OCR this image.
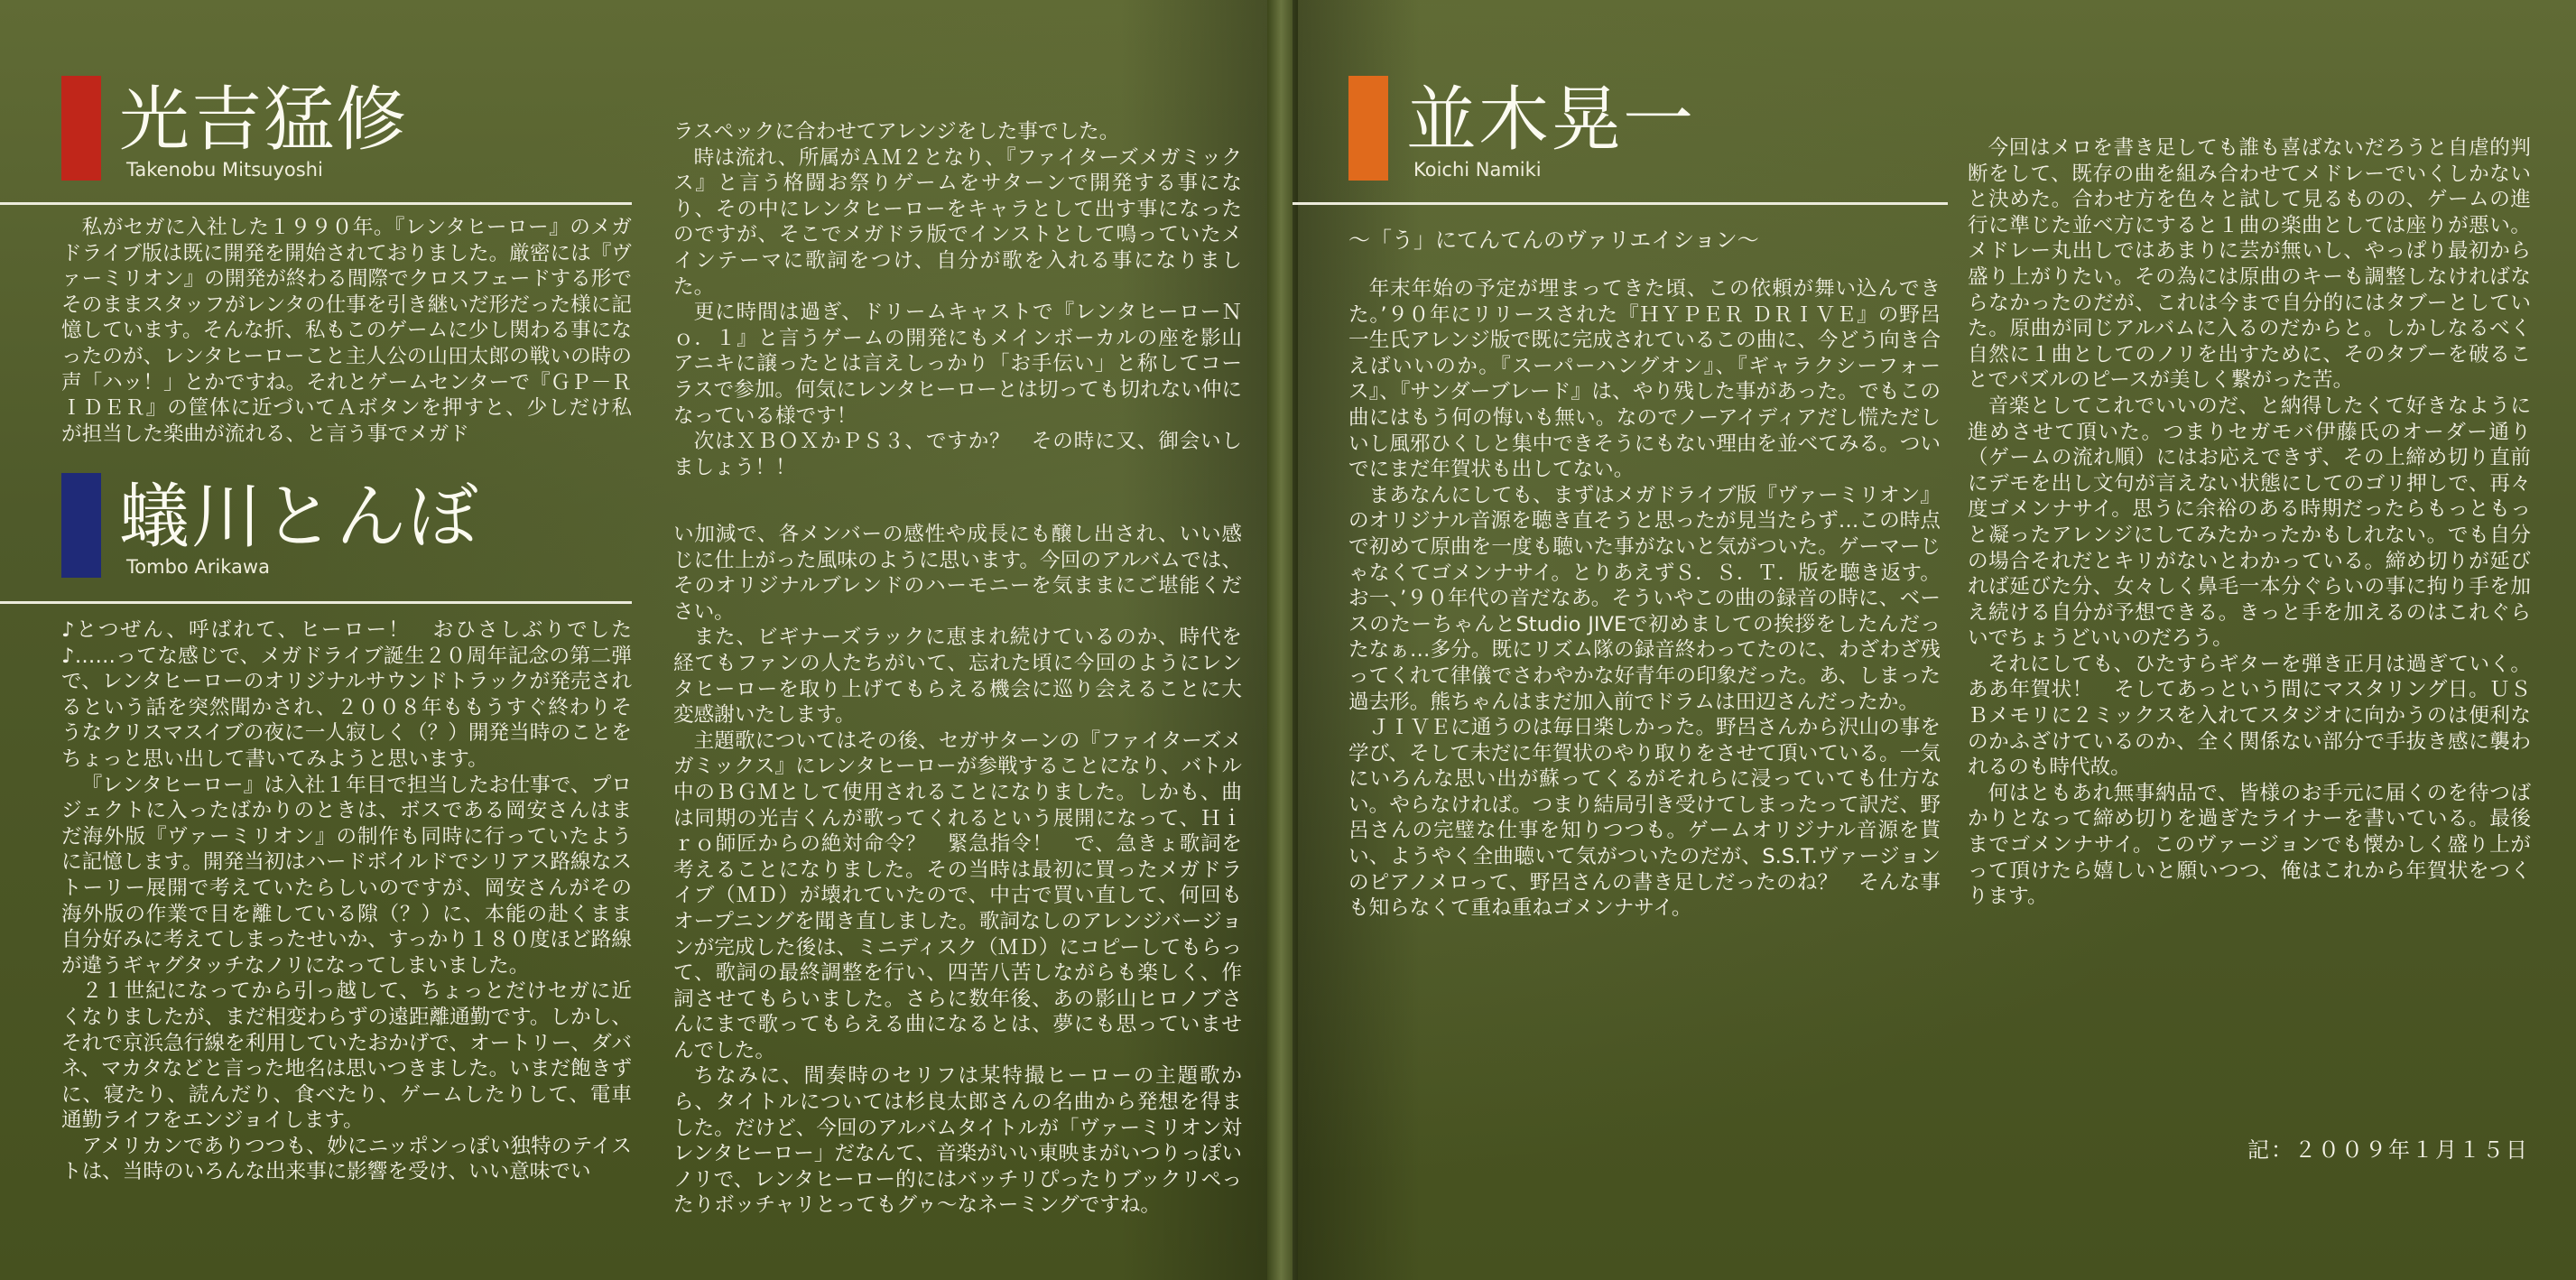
光吉猛修
Takenobu Mitsuyoshi

私がセガに入社した１９９０年。『レンタヒーロー』のメガドライブ版は既に開発を開始されておりました。厳密には『ヴァーミリオン』の開発が終わる間際でクロスフェードする形でそのままスタッフがレンタの仕事を引き継いだ形だった様に記憶しています。そんな折、私もこのゲームに少し関わる事になったのが、レンタヒーローこと主人公の山田太郎の戦いの時の声「ハッ！」とかですね。それとゲームセンターで『ＧＰ－ＲＩＤＥＲ』の筐体に近づいてＡボタンを押すと、少しだけ私が担当した楽曲が流れる、と言う事でメガド

ラスペックに合わせてアレンジをした事でした。

時は流れ、所属がＡＭ２となり、『ファイターズメガミックス』と言う格闘お祭りゲームをサターンで開発する事になり、その中にレンタヒーローをキャラとして出す事になったのですが、そこでメガドラ版でインストとして鳴っていたメインテーマに歌詞をつけ、自分が歌を入れる事になりました。

更に時間は過ぎ、ドリームキャストで『レンタヒーローＮｏ．１』と言うゲームの開発にもメインボーカルの座を影山アニキに譲ったとは言えしっかり「お手伝い」と称してコーラスで参加。何気にレンタヒーローとは切っても切れない仲になっている様です！

次はＸＢＯＸかＰＳ３、ですか？　その時に又、御会いしましょう！！

蟻川とんぼ
Tombo Arikawa

♪とつぜん、呼ばれて、ヒーロー！　おひさしぶりでした♪……ってな感じで、メガドライブ誕生２０周年記念の第二弾で、レンタヒーローのオリジナルサウンドトラックが発売されるという話を突然聞かされ、２００８年ももうすぐ終わりそうなクリスマスイブの夜に一人寂しく（？）開発当時のことをちょっと思い出して書いてみようと思います。

『レンタヒーロー』は入社１年目で担当したお仕事で、プロジェクトに入ったばかりのときは、ボスである岡安さんはまだ海外版『ヴァーミリオン』の制作も同時に行っていたように記憶します。開発当初はハードボイルドでシリアス路線なストーリー展開で考えていたらしいのですが、岡安さんがその海外版の作業で目を離している隙（？）に、本能の赴くまま自分好みに考えてしまったせいか、すっかり１８０度ほど路線が違うギャグタッチなノリになってしまいました。

２１世紀になってから引っ越して、ちょっとだけセガに近くなりましたが、まだ相変わらずの遠距離通勤です。しかし、それで京浜急行線を利用していたおかげで、オートリー、ダバネ、マカタなどと言った地名は思いつきました。いまだ飽きずに、寝たり、読んだり、食べたり、ゲームしたりして、電車通勤ライフをエンジョイします。

アメリカンでありつつも、妙にニッポンっぽい独特のテイストは、当時のいろんな出来事に影響を受け、いい意味でい

い加減で、各メンバーの感性や成長にも醸し出され、いい感じに仕上がった風味のように思います。今回のアルバムでは、そのオリジナルブレンドのハーモニーを気ままにご堪能ください。

また、ビギナーズラックに恵まれ続けているのか、時代を経てもファンの人たちがいて、忘れた頃に今回のようにレンタヒーローを取り上げてもらえる機会に巡り会えることに大変感謝いたします。

主題歌についてはその後、セガサターンの『ファイターズメガミックス』にレンタヒーローが参戦することになり、バトル中のＢＧＭとして使用されることになりました。しかも、曲は同期の光吉くんが歌ってくれるという展開になって、Ｈｉｒｏ師匠からの絶対命令？　緊急指令！　で、急きょ歌詞を考えることになりました。その当時は最初に買ったメガドライブ（ＭＤ）が壊れていたので、中古で買い直して、何回もオープニングを聞き直しました。歌詞なしのアレンジバージョンが完成した後は、ミニディスク（ＭＤ）にコピーしてもらって、歌詞の最終調整を行い、四苦八苦しながらも楽しく、作詞させてもらいました。さらに数年後、あの影山ヒロノブさんにまで歌ってもらえる曲になるとは、夢にも思っていませんでした。

ちなみに、間奏時のセリフは某特撮ヒーローの主題歌から、タイトルについては杉良太郎さんの名曲から発想を得ました。だけど、今回のアルバムタイトルが「ヴァーミリオン対レンタヒーロー」だなんて、音楽がいい東映まがいつりっぽいノリで、レンタヒーロー的にはバッチリぴったりブックリペったりボッチャリとってもグゥ〜なネーミングですね。

並木晃一
Koichi Namiki
〜「う」にてんてんのヴァリエイション〜

年末年始の予定が埋まってきた頃、この依頼が舞い込んできた。’９０年にリリースされた『ＨＹＰＥＲ ＤＲＩＶＥ』の野呂一生氏アレンジ版で既に完成されているこの曲に、今どう向き合えばいいのか。『スーパーハングオン』、『ギャラクシーフォース』、『サンダーブレード』は、やり残した事があった。でもこの曲にはもう何の悔いも無い。なのでノーアイディアだし慌ただしいし風邪ひくしと集中できそうにもない理由を並べてみる。ついでにまだ年賀状も出してない。

まあなんにしても、まずはメガドライブ版『ヴァーミリオン』のオリジナル音源を聴き直そうと思ったが見当たらず…この時点で初めて原曲を一度も聴いた事がないと気がついた。ゲーマーじゃなくてゴメンナサイ。とりあえずＳ．Ｓ．Ｔ．版を聴き返す。お一、’９０年代の音だなあ。そういやこの曲の録音の時に、ベースのたーちゃんとStudio JIVEで初めましての挨拶をしたんだったなぁ…多分。既にリズム隊の録音終わってたのに、わざわざ残ってくれて律儀でさわやかな好青年の印象だった。あ、しまった過去形。熊ちゃんはまだ加入前でドラムは田辺さんだったか。

ＪＩＶＥに通うのは毎日楽しかった。野呂さんから沢山の事を学び、そして未だに年賀状のやり取りをさせて頂いている。一気にいろんな思い出が蘇ってくるがそれらに浸っていても仕方ない。やらなければ。つまり結局引き受けてしまったって訳だ、野呂さんの完璧な仕事を知りつつも。ゲームオリジナル音源を貰い、ようやく全曲聴いて気がついたのだが、S.S.T.ヴァージョンのピアノメロって、野呂さんの書き足しだったのね？　そんな事も知らなくて重ね重ねゴメンナサイ。

今回はメロを書き足しても誰も喜ばないだろうと自虐的判断をして、既存の曲を組み合わせてメドレーでいくしかないと決めた。合わせ方を色々と試して見るものの、ゲームの進行に準じた並べ方にすると１曲の楽曲としては座りが悪い。メドレー丸出しではあまりに芸が無いし、やっぱり最初から盛り上がりたい。その為には原曲のキーも調整しなければならなかったのだが、これは今まで自分的にはタブーとしていた。原曲が同じアルバムに入るのだからと。しかしなるべく自然に１曲としてのノリを出すために、そのタブーを破ることでパズルのピースが美しく繋がった苦。

音楽としてこれでいいのだ、と納得したくて好きなように進めさせて頂いた。つまりセガモバ伊藤氏のオーダー通り（ゲームの流れ順）にはお応えできず、その上締め切り直前にデモを出し文句が言えない状態にしてのゴリ押しで、再々度ゴメンナサイ。思うに余裕のある時期だったらもっともっと凝ったアレンジにしてみたかったかもしれない。でも自分の場合それだとキリがないとわかっている。締め切りが延びれば延びた分、女々しく鼻毛一本分ぐらいの事に拘り手を加え続ける自分が予想できる。きっと手を加えるのはこれぐらいでちょうどいいのだろう。

それにしても、ひたすらギターを弾き正月は過ぎていく。ああ年賀状！　そしてあっという間にマスタリング日。ＵＳＢメモリに２ミックスを入れてスタジオに向かうのは便利なのかふざけているのか、全く関係ない部分で手抜き感に襲われるのも時代故。

何はともあれ無事納品で、皆様のお手元に届くのを待つばかりとなって締め切りを過ぎたライナーを書いている。最後までゴメンナサイ。このヴァージョンでも懐かしく盛り上がって頂けたら嬉しいと願いつつ、俺はこれから年賀状をつくります。

記：２００９年１月１５日
